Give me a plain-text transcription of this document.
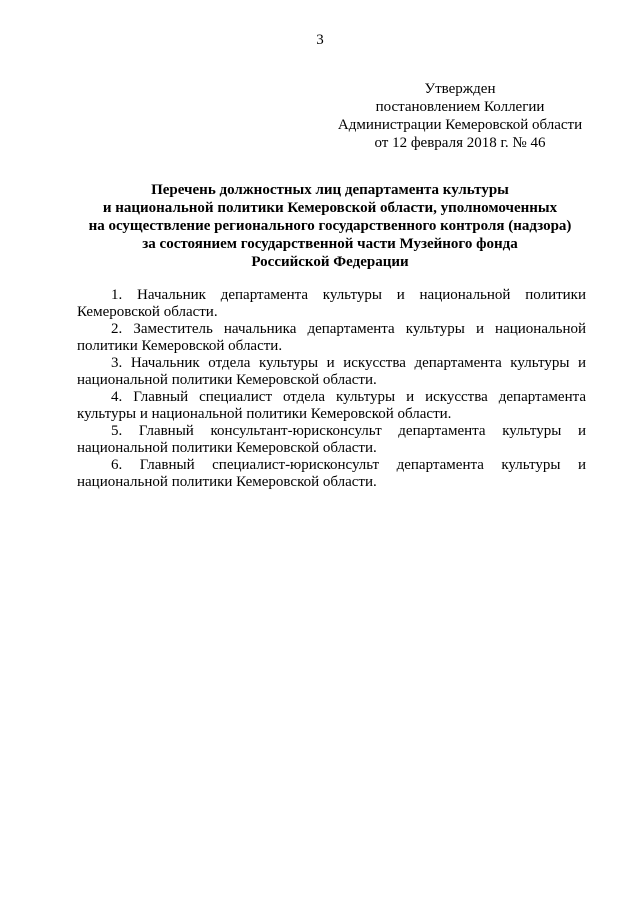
3
Утвержден
постановлением Коллегии
Администрации Кемеровской области
от 12 февраля 2018 г. № 46
Перечень должностных лиц департамента культуры
и национальной политики Кемеровской области, уполномоченных
на осуществление регионального государственного контроля (надзора)
за состоянием государственной части Музейного фонда
Российской Федерации

1. Начальник департамента культуры и национальной политики Кемеровской области.

2. Заместитель начальника департамента культуры и национальной политики Кемеровской области.

3. Начальник отдела культуры и искусства департамента культуры и национальной политики Кемеровской области.

4. Главный специалист отдела культуры и искусства департамента культуры и национальной политики Кемеровской области.

5. Главный консультант-юрисконсульт департамента культуры и национальной политики Кемеровской области.

6. Главный специалист-юрисконсульт департамента культуры и национальной политики Кемеровской области.
